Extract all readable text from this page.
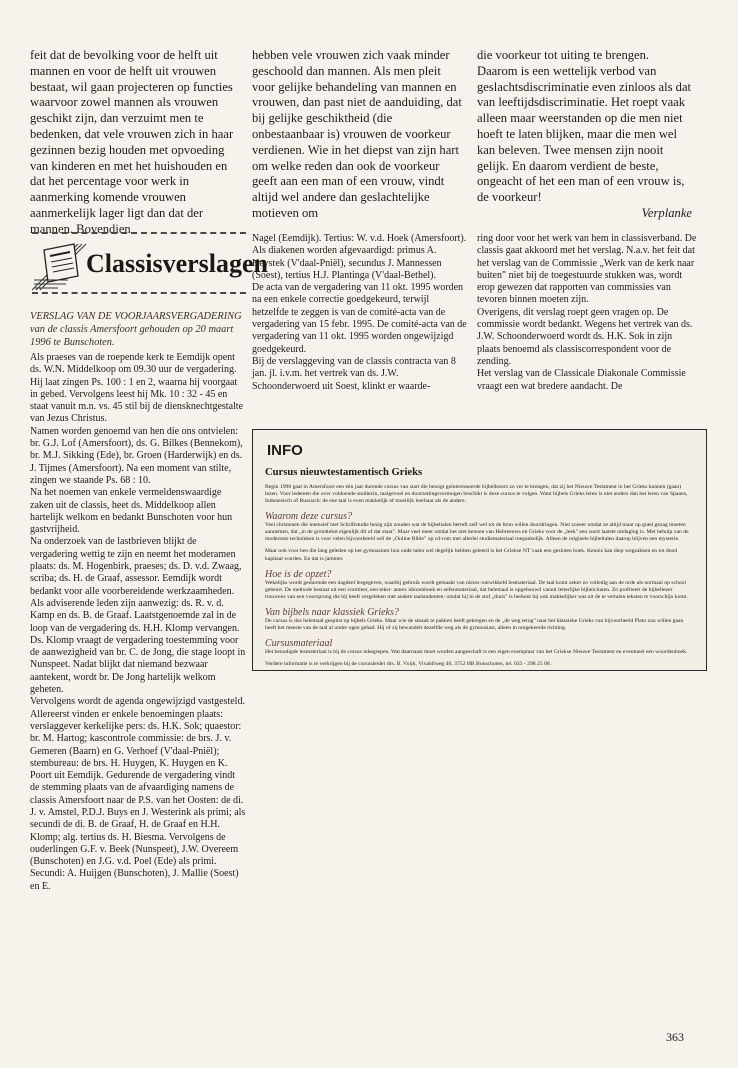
feit dat de bevolking voor de helft uit mannen en voor de helft uit vrouwen bestaat, wil gaan projecteren op functies waarvoor zowel mannen als vrouwen geschikt zijn, dan verzuimt men te bedenken, dat vele vrouwen zich in haar gezinnen bezig houden met opvoeding van kinderen en met het huishouden en dat het percentage voor werk in aanmerking komende vrouwen aanmerkelijk lager ligt dan dat der mannen. Bovendien

hebben vele vrouwen zich vaak minder geschoold dan mannen. Als men pleit voor gelijke behandeling van mannen en vrouwen, dan past niet de aanduiding, dat bij gelijke geschiktheid (die onbestaanbaar is) vrouwen de voorkeur verdienen. Wie in het diepst van zijn hart om welke reden dan ook de voorkeur geeft aan een man of een vrouw, vindt altijd wel andere dan geslachtelijke motieven om

die voorkeur tot uiting te brengen. Daarom is een wettelijk verbod van geslachtsdiscriminatie even zinloos als dat van leeftijdsdiscriminatie. Het roept vaak alleen maar weerstanden op die men niet hoeft te laten blijken, maar die men wel kan beleven. Twee mensen zijn nooit gelijk. En daarom verdient de beste, ongeacht of het een man of een vrouw is, de voorkeur!

Verplanke

Classisverslagen
VERSLAG VAN DE VOORJAARSVERGADERING van de classis Amersfoort gehouden op 20 maart 1996 te Bunschoten.

Als praeses van de roepende kerk te Eemdijk opent ds. W.N. Middelkoop om 09.30 uur de vergadering. Hij laat zingen Ps. 100 : 1 en 2, waarna hij voorgaat in gebed. Vervolgens leest hij Mk. 10 : 32 - 45 en staat vanuit m.n. vs. 45 stil bij de diensknechtgestalte van Jezus Christus.

Namen worden genoemd van hen die ons ontvielen: br. G.J. Lof (Amersfoort), ds. G. Bilkes (Bennekom), br. M.J. Sikking (Ede), br. Groen (Harderwijk) en ds. J. Tijmes (Amersfoort). Na een moment van stilte, zingen we staande Ps. 68 : 10.

Na het noemen van enkele vermeldenswaardige zaken uit de classis, heet ds. Middelkoop allen hartelijk welkom en bedankt Bunschoten voor hun gastvrijheid.

Na onderzoek van de lastbrieven blijkt de vergadering wettig te zijn en neemt het moderamen plaats: ds. M. Hogenbirk, praeses; ds. D. v.d. Zwaag, scriba; ds. H. de Graaf, assessor. Eemdijk wordt bedankt voor alle voorbereidende werkzaamheden.

Als adviserende leden zijn aanwezig: ds. R. v. d. Kamp en ds. B. de Graaf. Laatstgenoemde zal in de loop van de vergadering ds. H.H. Klomp vervangen.

Ds. Klomp vraagt de vergadering toestemming voor de aanwezigheid van br. C. de Jong, die stage loopt in Nunspeet. Nadat blijkt dat niemand bezwaar aantekent, wordt br. De Jong hartelijk welkom geheten.

Vervolgens wordt de agenda ongewijzigd vastgesteld.

Allereerst vinden er enkele benoemingen plaats: verslaggever kerkelijke pers: ds. H.K. Sok; quaestor: br. M. Hartog; kascontrole commissie: de brs. J. v. Gemeren (Baarn) en G. Verhoef (V'daal-Pniël); stembureau: de brs. H. Huygen, K. Huygen en K. Poort uit Eemdijk. Gedurende de vergadering vindt de stemming plaats van de afvaardiging namens de classis Amersfoort naar de P.S. van het Oosten: de di. J. v. Amstel, P.D.J. Buys en J. Westerink als primi; als secundi de di. B. de Graaf, H. de Graaf en H.H. Klomp; alg. tertius ds. H. Biesma. Vervolgens de ouderlingen G.F. v. Beek (Nunspeet), J.W. Overeem (Bunschoten) en J.G. v.d. Poel (Ede) als primi. Secundi: A. Huijgen (Bunschoten), J. Mallie (Soest) en E.

Nagel (Eemdijk). Tertius: W. v.d. Hoek (Amersfoort). Als diakenen worden afgevaardigd: primus A. Heystek (V'daal-Pniël), secundus J. Mannessen (Soest), tertius H.J. Plantinga (V'daal-Bethel).

De acta van de vergadering van 11 okt. 1995 worden na een enkele correctie goedgekeurd, terwijl hetzelfde te zeggen is van de comité-acta van de vergadering van 15 febr. 1995. De comité-acta van de vergadering van 11 okt. 1995 worden ongewijzigd goedgekeurd.

Bij de verslaggeving van de classis contracta van 8 jan. jl. i.v.m. het vertrek van ds. J.W. Schoonderwoerd uit Soest, klinkt er waarde-

ring door voor het werk van hem in classisverband. De classis gaat akkoord met het verslag. N.a.v. het feit dat het verslag van de Commissie „Werk van de kerk naar buiten" niet bij de toegestuurde stukken was, wordt erop gewezen dat rapporten van commissies van tevoren binnen moeten zijn.

Overigens, dit verslag roept geen vragen op. De commissie wordt bedankt. Wegens het vertrek van ds. J.W. Schoonderwoerd wordt ds. H.K. Sok in zijn plaats benoemd als classiscorrespondent voor de zending.

Het verslag van de Classicale Diakonale Commissie vraagt een wat bredere aandacht. De

INFO
Cursus nieuwtestamentisch Grieks

Begin 1996 gaat in Amersfoort een één jaar durende cursus van start die beoogt geïnteresseerde bijbellezers zo ver te brengen, dat zij het Nieuwe Testament in het Grieks kunnen (gaan) lezen. Voor iedereen die over voldoende studiezin, taalgevoel en doorzettingsvermogen beschikt is deze cursus te volgen. Want bijbels Grieks leren is niet anders dan het leren van Spaans, Indonesisch of Russisch: de ene taal is even makkelijk of moeilijk leerbaar als de andere.

Waarom deze cursus?

Veel christenen die intensief met Schriftstudie bezig zijn zouden wat de bijbeltalen betreft zelf wel tot de bron willen doordringen. Niet zozeer omdat ze altijd maar op goed gezag moeten aannemen, dat „in de grondtekst eigenlijk dit of dat staat". Maar veel meer omdat het niet kennen van Hebreeuws en Grieks voor de „leek" een soort laatste uitdaging is. Met behulp van de modernste technieken is voor velen bijvoorbeeld wèl de „Online Bible" op cd-rom met allerlei studiemateriaal toegankelijk. Alleen de originele bijbeltalen daarop blijven een mysterie.

Maar ook voor hen die lang geleden op het gymnasium hun oude talen wel degelijk hebben geleerd is het Griekse NT vaak een gesloten boek. Kennis kan diep wegzakken en tot dood kapitaal worden. En dat is jammer.

Hoe is de opzet?

Wekelijks wordt gedurende een dagdeel lesgegeven, waarbij gebruik wordt gemaakt van nieuw-ontwikkeld lesmateriaal. De taal komt zeker zo volledig aan de orde als normaal op school gebeurt. De methode bestaat uit een vormleer, een tekst- annex idioomboek en oefenmateriaal, dat helemaal is opgebouwd vanuit letterlijke bijbelcitaten. Zo profiteert de bijbellezer trouwens van een voorsprong die hij heeft vergeleken met andere taalstudenten: omdat hij in de stof „thuis" is herkent hij ook makkelijker wat uit de te vertalen teksten te voorschijn komt.

Van bijbels naar klassiek Grieks?

De cursus is dus helemaal gespitst op bijbels Grieks. Maar wie de smaak te pakken heeft gekregen en de „de weg terug" naar het klassieke Grieks van bijvoorbeeld Plato zou willen gaan heeft het meeste van de taal al onder ogen gehad. Hij of zij bewandelt dezelfde weg als de gymnasiast, alleen in omgekeerde richting.

Cursusmateriaal

Het benodigde lesmateriaal is bij de cursus inbegrepen. Wat daarnaast moet worden aangeschaft is een eigen exemplaar van het Griekse Nieuwe Testament en eventueel een woordenboek.

Verdere informatie is te verkrijgen bij de cursusleider drs. B. Vuijk, Vivaldiweg 40, 3752 HB Bunschoten, tel. 033 - 298 25 08.

363
